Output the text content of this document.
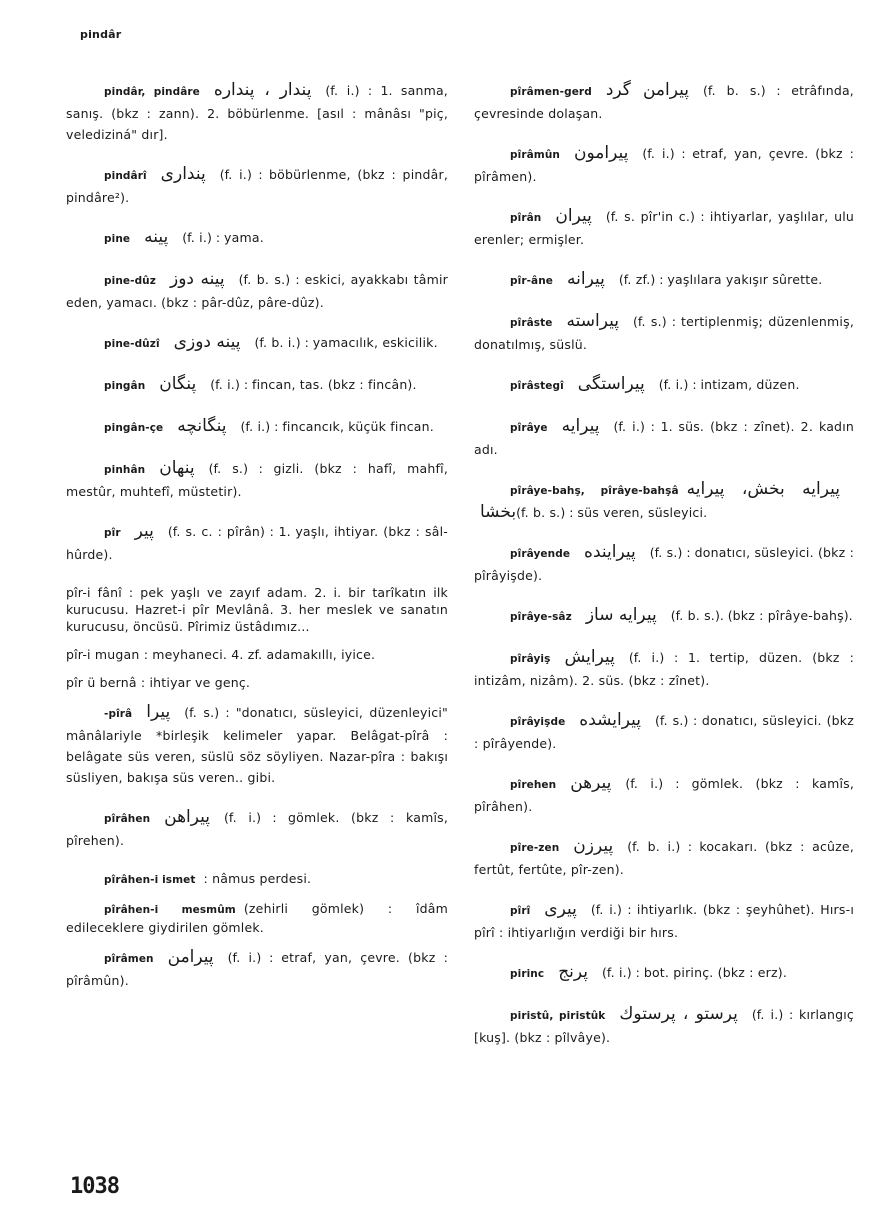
pindâr
pindâr, pindâre پندار ، پنداره (f. i.) : 1. sanma, sanış. (bkz : zann). 2. böbürlenme. [asıl : mânâsı "piç, velediziná" dır].
pindârî پنداری (f. i.) : böbürlenme, (bkz : pindâr, pindâre²).
pine پینه (f. i.) : yama.
pine-dûz پینه دوز (f. b. s.) : eskici, ayakkabı tâmir eden, yamacı. (bkz : pâr-dûz, pâre-dûz).
pine-dûzî پینه دوزی (f. b. i.) : yamacılık, eskicilik.
pingân پنگان (f. i.) : fincan, tas. (bkz : fincân).
pingân-çe پنگانچه (f. i.) : fincancık, küçük fincan.
pinhân پنهان (f. s.) : gizli. (bkz : hafî, mahfî, mestûr, muhtefî, müstetir).
pîr پیر (f. s. c. : pîrân) : 1. yaşlı, ihtiyar. (bkz : sâl-hûrde).
pîr-i fânî : pek yaşlı ve zayıf adam. 2. i. bir tarîkatın ilk kurucusu. Hazret-i pîr Mevlânâ. 3. her meslek ve sanatın kurucusu, öncüsü. Pîrimiz üstâdımız...
pîr-i mugan : meyhaneci. 4. zf. adamakıllı, iyice.
pîr ü bernâ : ihtiyar ve genç.
-pîrâ پیرا (f. s.) : "donatıcı, süsleyici, düzenleyici" mânâlariyle *birleşik kelimeler yapar. Belâgat-pîrâ : belâgate süs veren, süslü söz söyliyen. Nazar-pîra : bakışı süsliyen, bakışa süs veren.. gibi.
pîrâhen پیراهن (f. i.) : gömlek. (bkz : kamîs, pîrehen).
pîrâhen-i ismet : nâmus perdesi.
pîrâhen-i mesmûm (zehirli gömlek) : îdâm edileceklere giydirilen gömlek.
pîrâmen پیرامن (f. i.) : etraf, yan, çevre. (bkz : pîrâmûn).
pîrâmen-gerd پیرامن گرد (f. b. s.) : etrâfında, çevresinde dolaşan.
pîrâmûn پیرامون (f. i.) : etraf, yan, çevre. (bkz : pîrâmen).
pîrân پیران (f. s. pîr'in c.) : ihtiyarlar, yaşlılar, ulu erenler; ermişler.
pîr-âne پیرانه (f. zf.) : yaşlılara yakışır sûrette.
pîrâste پیراسته (f. s.) : tertiplenmiş; düzenlenmiş, donatılmış, süslü.
pîrâstegî پیراستگی (f. i.) : intizam, düzen.
pîrâye پیرایه (f. i.) : 1. süs. (bkz : zînet). 2. kadın adı.
pîrâye-bahş, pîrâye-bahşâ پیرایه بخش، پیرایه بخشا(f. b. s.) : süs veren, süsleyici.
pîrâyende پیراینده (f. s.) : donatıcı, süsleyici. (bkz : pîrâyişde).
pîrâye-sâz پیرایه ساز (f. b. s.). (bkz : pîrâye-bahş).
pîrâyiş پیرایش (f. i.) : 1. tertip, düzen. (bkz : intizâm, nizâm). 2. süs. (bkz : zînet).
pîrâyişde پیرایشده (f. s.) : donatıcı, süsleyici. (bkz : pîrâyende).
pîrehen پیرهن (f. i.) : gömlek. (bkz : kamîs, pîrâhen).
pîre-zen پیرزن (f. b. i.) : kocakarı. (bkz : acûze, fertût, fertûte, pîr-zen).
pîrî پیری (f. i.) : ihtiyarlık. (bkz : şeyhûhet). Hırs-ı pîrî : ihtiyarlığın verdiği bir hırs.
pirinc پرنج (f. i.) : bot. pirinç. (bkz : erz).
piristû, piristûk پرستو ، پرستوك (f. i.) : kırlangıç [kuş]. (bkz : pîlvâye).
1038
